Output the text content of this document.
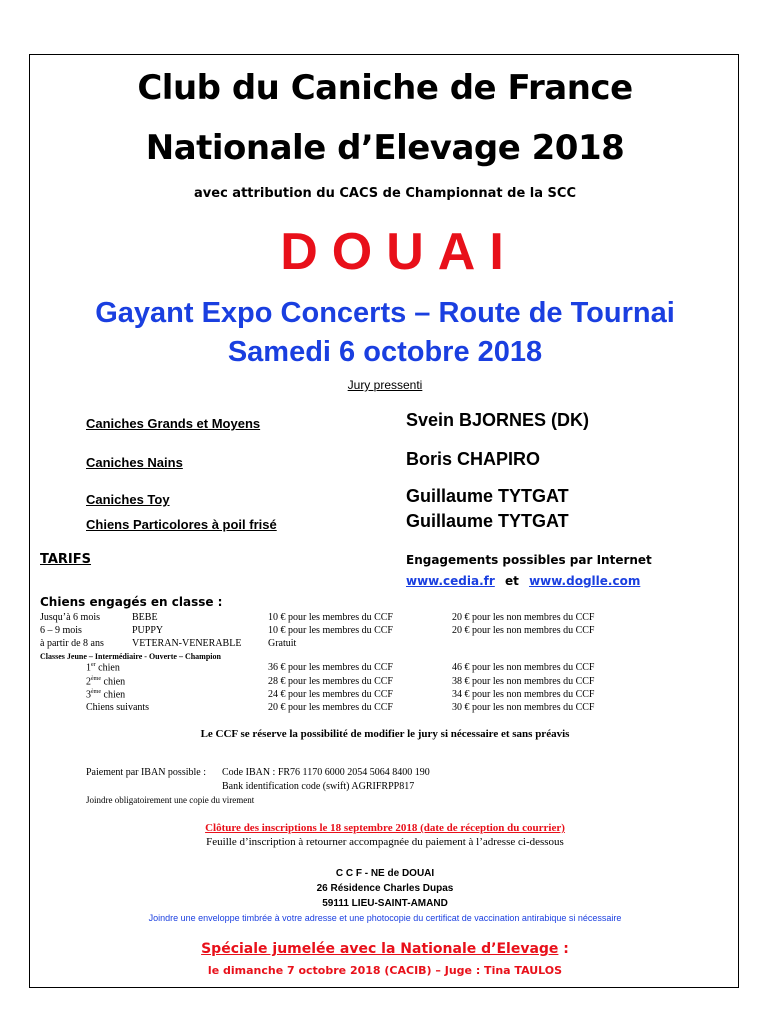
Club du Caniche de France
Nationale d’Elevage 2018
avec attribution du CACS de Championnat de la SCC
DOUAI
Gayant Expo Concerts – Route de Tournai
Samedi 6 octobre 2018
Jury pressenti
Caniches Grands et Moyens	Svein BJORNES (DK)
Caniches Nains	Boris CHAPIRO
Caniches Toy	Guillaume TYTGAT
Chiens Particolores à poil frisé	Guillaume TYTGAT
TARIFS	Engagements possibles par Internet
www.cedia.fr et www.doglle.com
Chiens engagés en classe :
Jusqu’à 6 mois	BEBE	10 € pour les membres du CCF	20 € pour les non membres du CCF
6 – 9 mois	PUPPY	10 € pour les membres du CCF	20 € pour les non membres du CCF
à partir de 8 ans	VETERAN-VENERABLE	Gratuit
Classes Jeune – Intermédiaire - Ouverte – Champion
1er chien	36 € pour les membres du CCF	46 € pour les non membres du CCF
2ème chien	28 € pour les membres du CCF	38 € pour les non membres du CCF
3ème chien	24 € pour les membres du CCF	34 € pour les non membres du CCF
Chiens suivants	20 € pour les membres du CCF	30 € pour les non membres du CCF
Le CCF se réserve la possibilité de modifier le jury si nécessaire et sans préavis
Paiement par IBAN possible : Code IBAN : FR76 1170 6000 2054 5064 8400 190
Bank identification code (swift) AGRIFRPP817
Joindre obligatoirement une copie du virement
Clôture des inscriptions le 18 septembre 2018 (date de réception du courrier)
Feuille d’inscription à retourner accompagnée du paiement à l’adresse ci-dessous
C C F - NE de DOUAI
26 Résidence Charles Dupas
59111 LIEU-SAINT-AMAND
Joindre une enveloppe timbrée à votre adresse et une photocopie du certificat de vaccination antirabique si nécessaire
Spéciale jumelée avec la Nationale d’Elevage :
le dimanche 7 octobre 2018 (CACIB) – Juge : Tina TAULOS
